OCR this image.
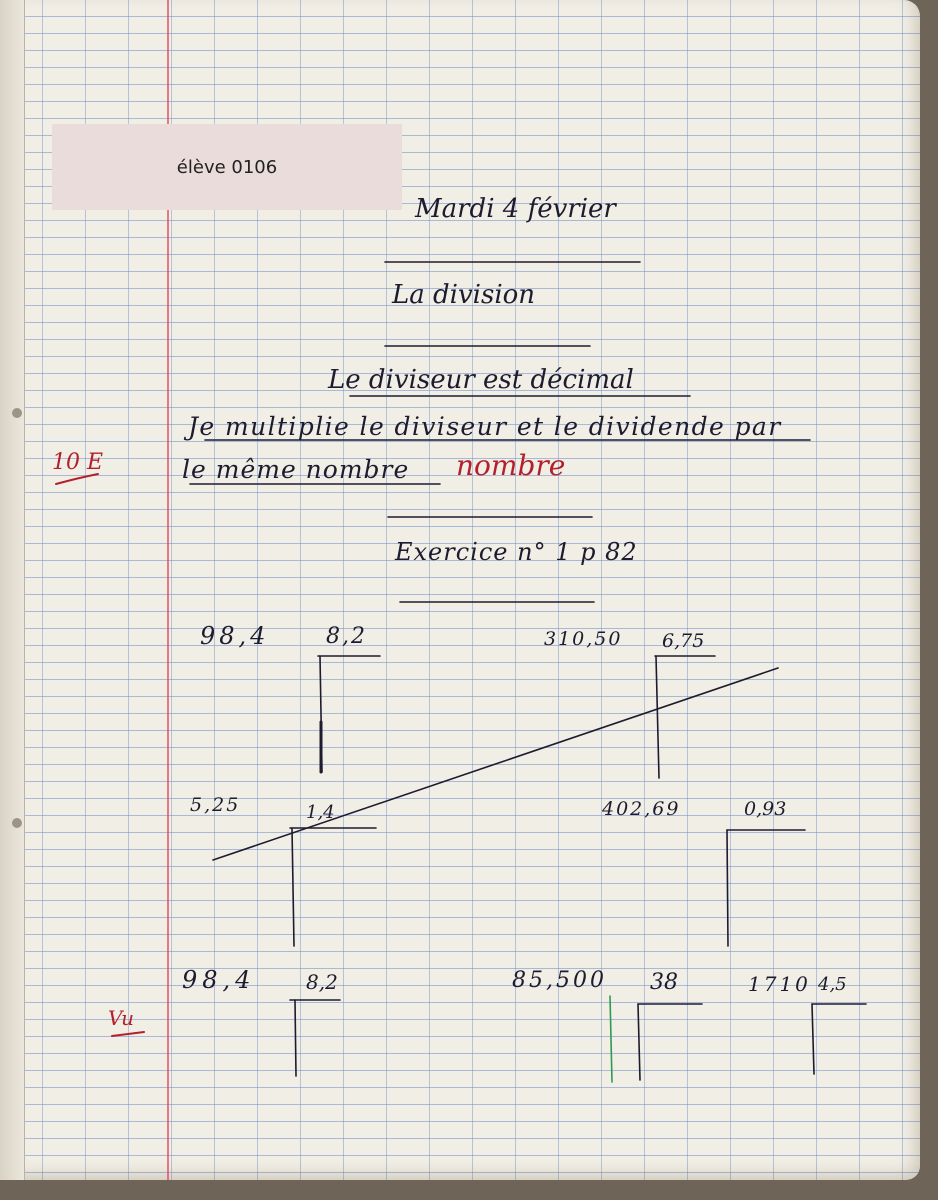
élève 0106
Mardi 4 février
La division
Le diviseur est décimal
Je multiplie le diviseur et le dividende par
le même nombre nombre
Exercice n° 1 p 82
10 E
Vu
98,4	8,2	310,50 6,75
5,25	1,4	402,69	0,93
98,4	8,2	85,500 38	1710 4,5
